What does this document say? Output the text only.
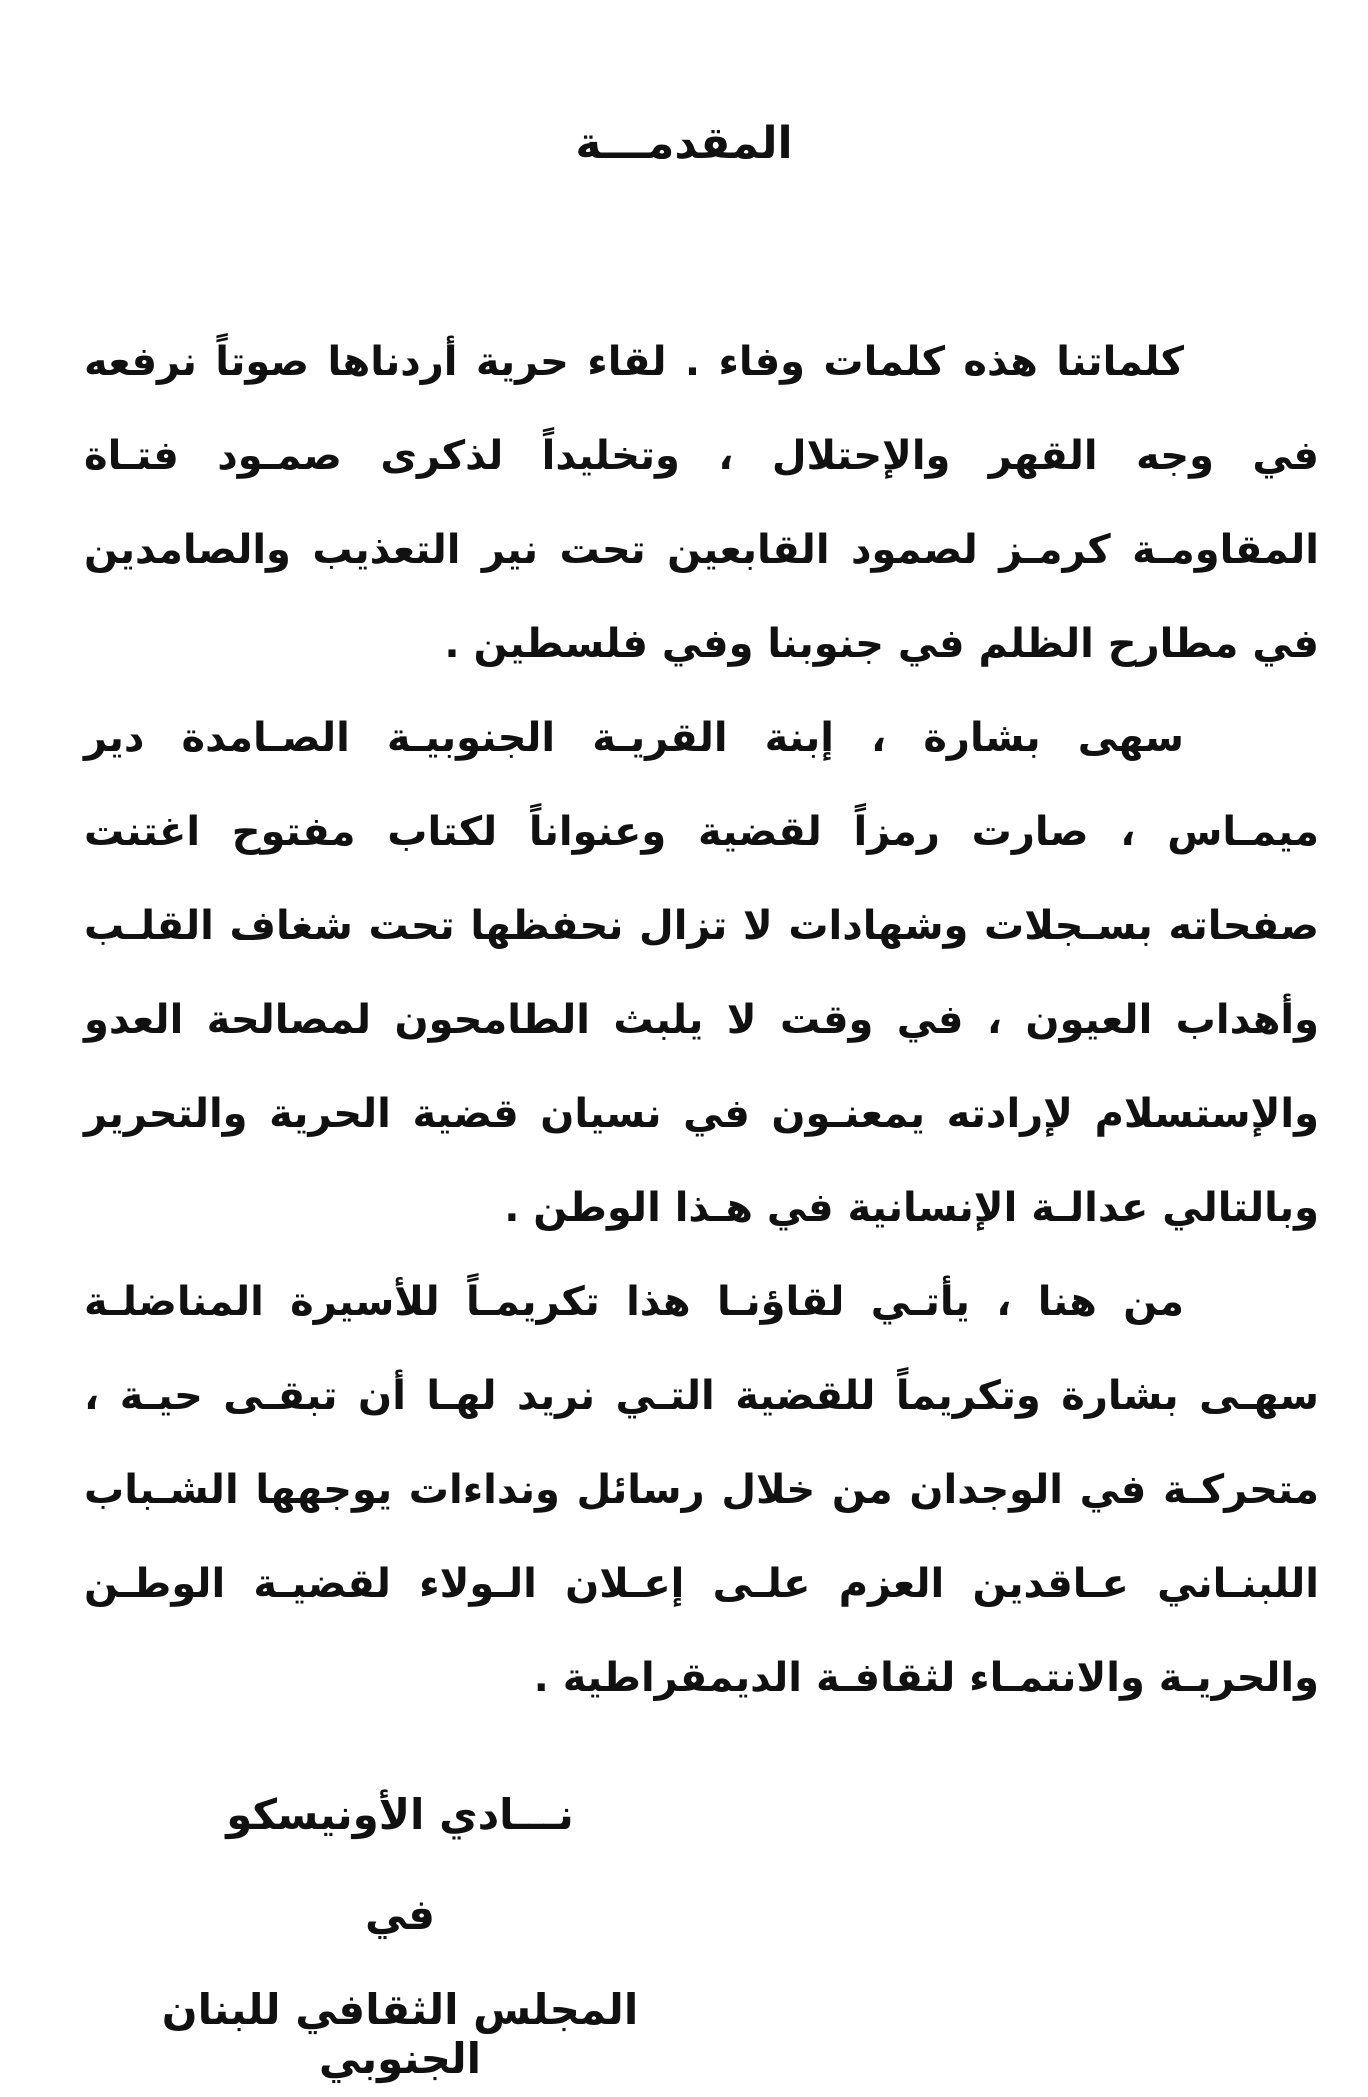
المقدمـــة

كلماتنا هذه كلمات وفاء . لقاء حرية أردناها صوتاً نرفعه في وجه القهر والإحتلال ، وتخليداً لذكرى صمـود فتـاة المقاومـة كرمـز لصمود القابعين تحت نير التعذيب والصامدين في مطارح الظلم في جنوبنا وفي فلسطين .

سهى بشارة ، إبنة القريـة الجنوبيـة الصـامدة دير ميمـاس ، صارت رمزاً لقضية وعنواناً لكتاب مفتوح اغتنت صفحاته بسـجلات وشهادات لا تزال نحفظها تحت شغاف القلـب وأهداب العيون ، في وقت لا يلبث الطامحون لمصالحة العدو والإستسلام لإرادته يمعنـون في نسيان قضية الحرية والتحرير وبالتالي عدالـة الإنسانية في هـذا الوطن .

من هنا ، يأتـي لقاؤنـا هذا تكريمـاً للأسيرة المناضلـة سهـى بشارة وتكريماً للقضية التـي نريد لهـا أن تبقـى حيـة ، متحركـة في الوجدان من خلال رسائل ونداءات يوجهها الشـباب اللبنـاني عـاقدين العزم علـى إعـلان الـولاء لقضيـة الوطـن والحريـة والانتمـاء لثقافـة الديمقراطية .

نـــادي الأونيسكو
في
المجلس الثقافي للبنان الجنوبي
